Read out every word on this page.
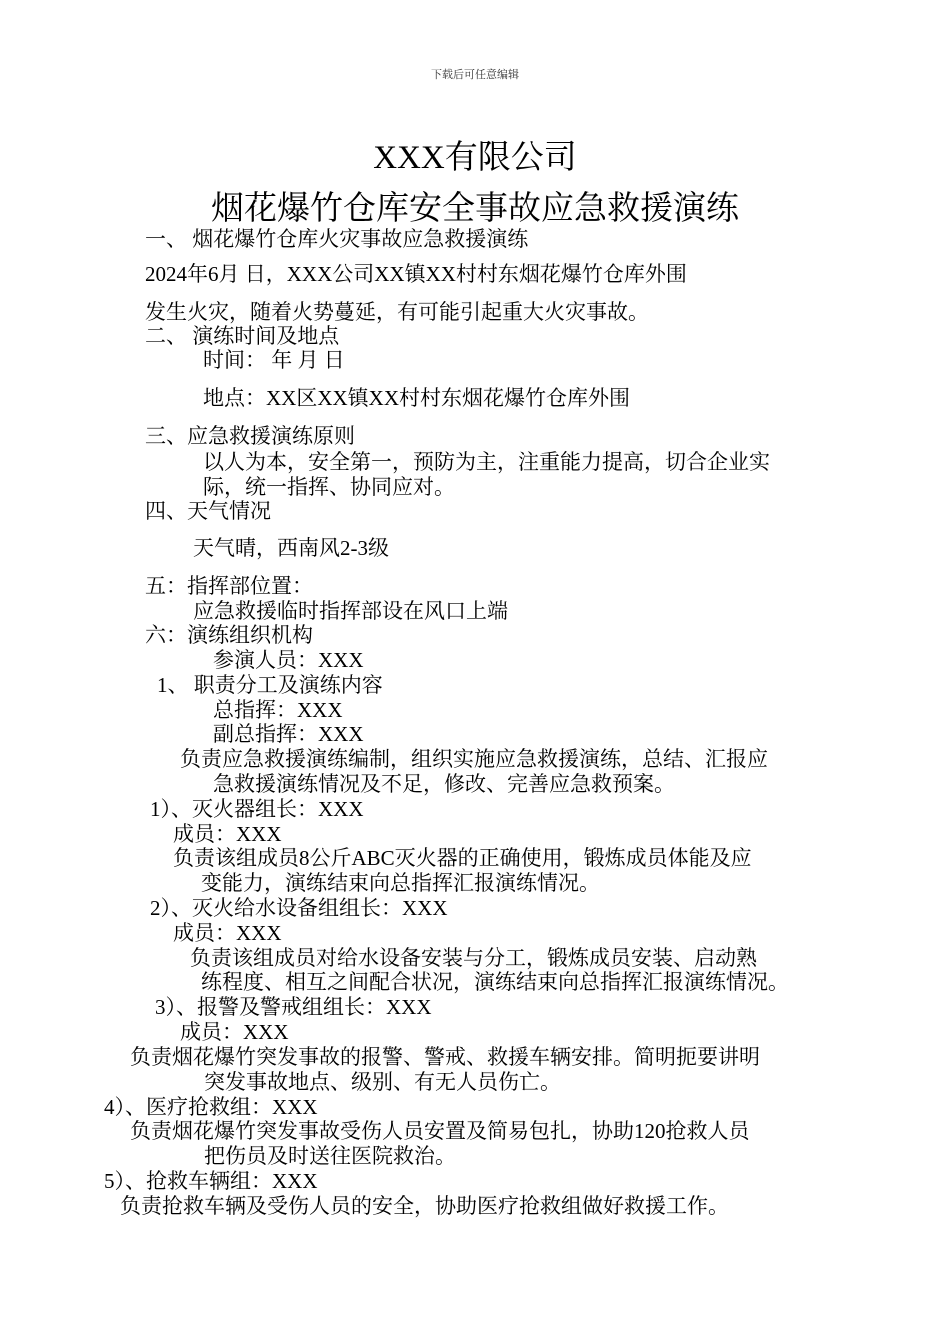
下载后可任意编辑
XXX有限公司
烟花爆竹仓库安全事故应急救援演练
一、 烟花爆竹仓库火灾事故应急救援演练
2024年6月 日，XXX公司XX镇XX村村东烟花爆竹仓库外围
发生火灾，随着火势蔓延，有可能引起重大火灾事故。
二、 演练时间及地点
时间： 年 月 日
地点：XX区XX镇XX村村东烟花爆竹仓库外围
三、应急救援演练原则
以人为本，安全第一，预防为主，注重能力提高，切合企业实
际，统一指挥、协同应对。
四、天气情况
天气晴，西南风2-3级
五：指挥部位置：
应急救援临时指挥部设在风口上端
六：演练组织机构
参演人员：XXX
1、 职责分工及演练内容
总指挥：XXX
副总指挥：XXX
负责应急救援演练编制，组织实施应急救援演练，总结、汇报应
急救援演练情况及不足，修改、完善应急救预案。
1）、灭火器组长：XXX
成员：XXX
负责该组成员8公斤ABC灭火器的正确使用，锻炼成员体能及应
变能力，演练结束向总指挥汇报演练情况。
2）、灭火给水设备组组长：XXX
成员：XXX
负责该组成员对给水设备安装与分工，锻炼成员安装、启动熟
练程度、相互之间配合状况，演练结束向总指挥汇报演练情况。
3）、报警及警戒组组长：XXX
成员：XXX
负责烟花爆竹突发事故的报警、警戒、救援车辆安排。简明扼要讲明
突发事故地点、级别、有无人员伤亡。
4）、医疗抢救组：XXX
负责烟花爆竹突发事故受伤人员安置及简易包扎，协助120抢救人员
把伤员及时送往医院救治。
5）、抢救车辆组：XXX
负责抢救车辆及受伤人员的安全，协助医疗抢救组做好救援工作。
